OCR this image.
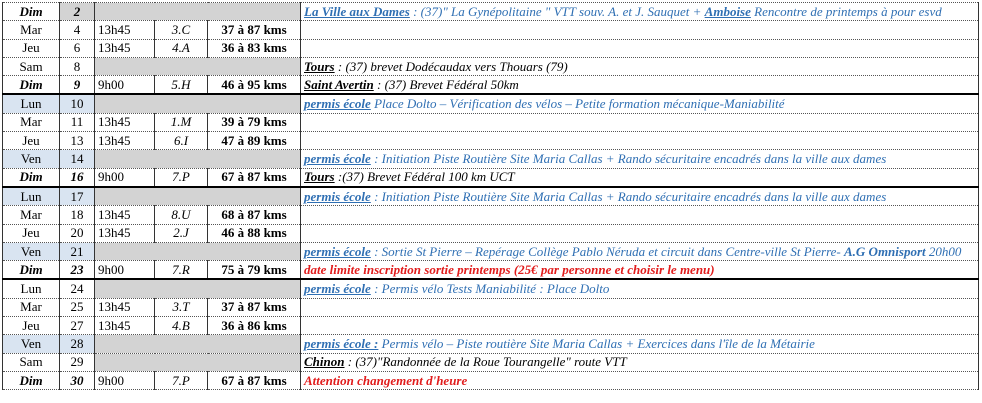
Dim	2				La Ville aux Dames : (37)" La Gynépolitaine " VTT souv. A. et J. Sauquet + Amboise Rencontre de printemps à pour esvd
Mar	4	13h45	3.C	37 à 87 kms	
Jeu	6	13h45	4.A	36 à 83 kms	
Sam	8				Tours : (37) brevet Dodécaudax vers Thouars (79)
Dim	9	9h00	5.H	46 à 95 kms	Saint Avertin : (37) Brevet Fédéral 50km
Lun	10				permis école Place Dolto – Vérification des vélos – Petite formation mécanique-Maniabilité
Mar	11	13h45	1.M	39 à 79 kms	
Jeu	13	13h45	6.I	47 à 89 kms	
Ven	14				permis école : Initiation Piste Routière Site Maria Callas + Rando sécuritaire encadrés dans la ville aux dames
Dim	16	9h00	7.P	67 à 87 kms	Tours :(37) Brevet Fédéral 100 km UCT
Lun	17				permis école : Initiation Piste Routière Site Maria Callas + Rando sécuritaire encadrés dans la ville aux dames
Mar	18	13h45	8.U	68 à 87 kms	
Jeu	20	13h45	2.J	46 à 88 kms	
Ven	21				permis école : Sortie St Pierre – Repérage Collège Pablo Néruda et circuit dans Centre-ville St Pierre- A.G Omnisport 20h00
Dim	23	9h00	7.R	75 à 79 kms	date limite inscription sortie printemps (25€ par personne et choisir le menu)
Lun	24				permis école : Permis vélo Tests Maniabilité : Place Dolto
Mar	25	13h45	3.T	37 à 87 kms	
Jeu	27	13h45	4.B	36 à 86 kms	
Ven	28				permis école : Permis vélo – Piste routière Site Maria Callas + Exercices dans l'île de la Métairie
Sam	29				Chinon : (37)"Randonnée de la Roue Tourangelle" route VTT
Dim	30	9h00	7.P	67 à 87 kms	Attention changement d'heure
